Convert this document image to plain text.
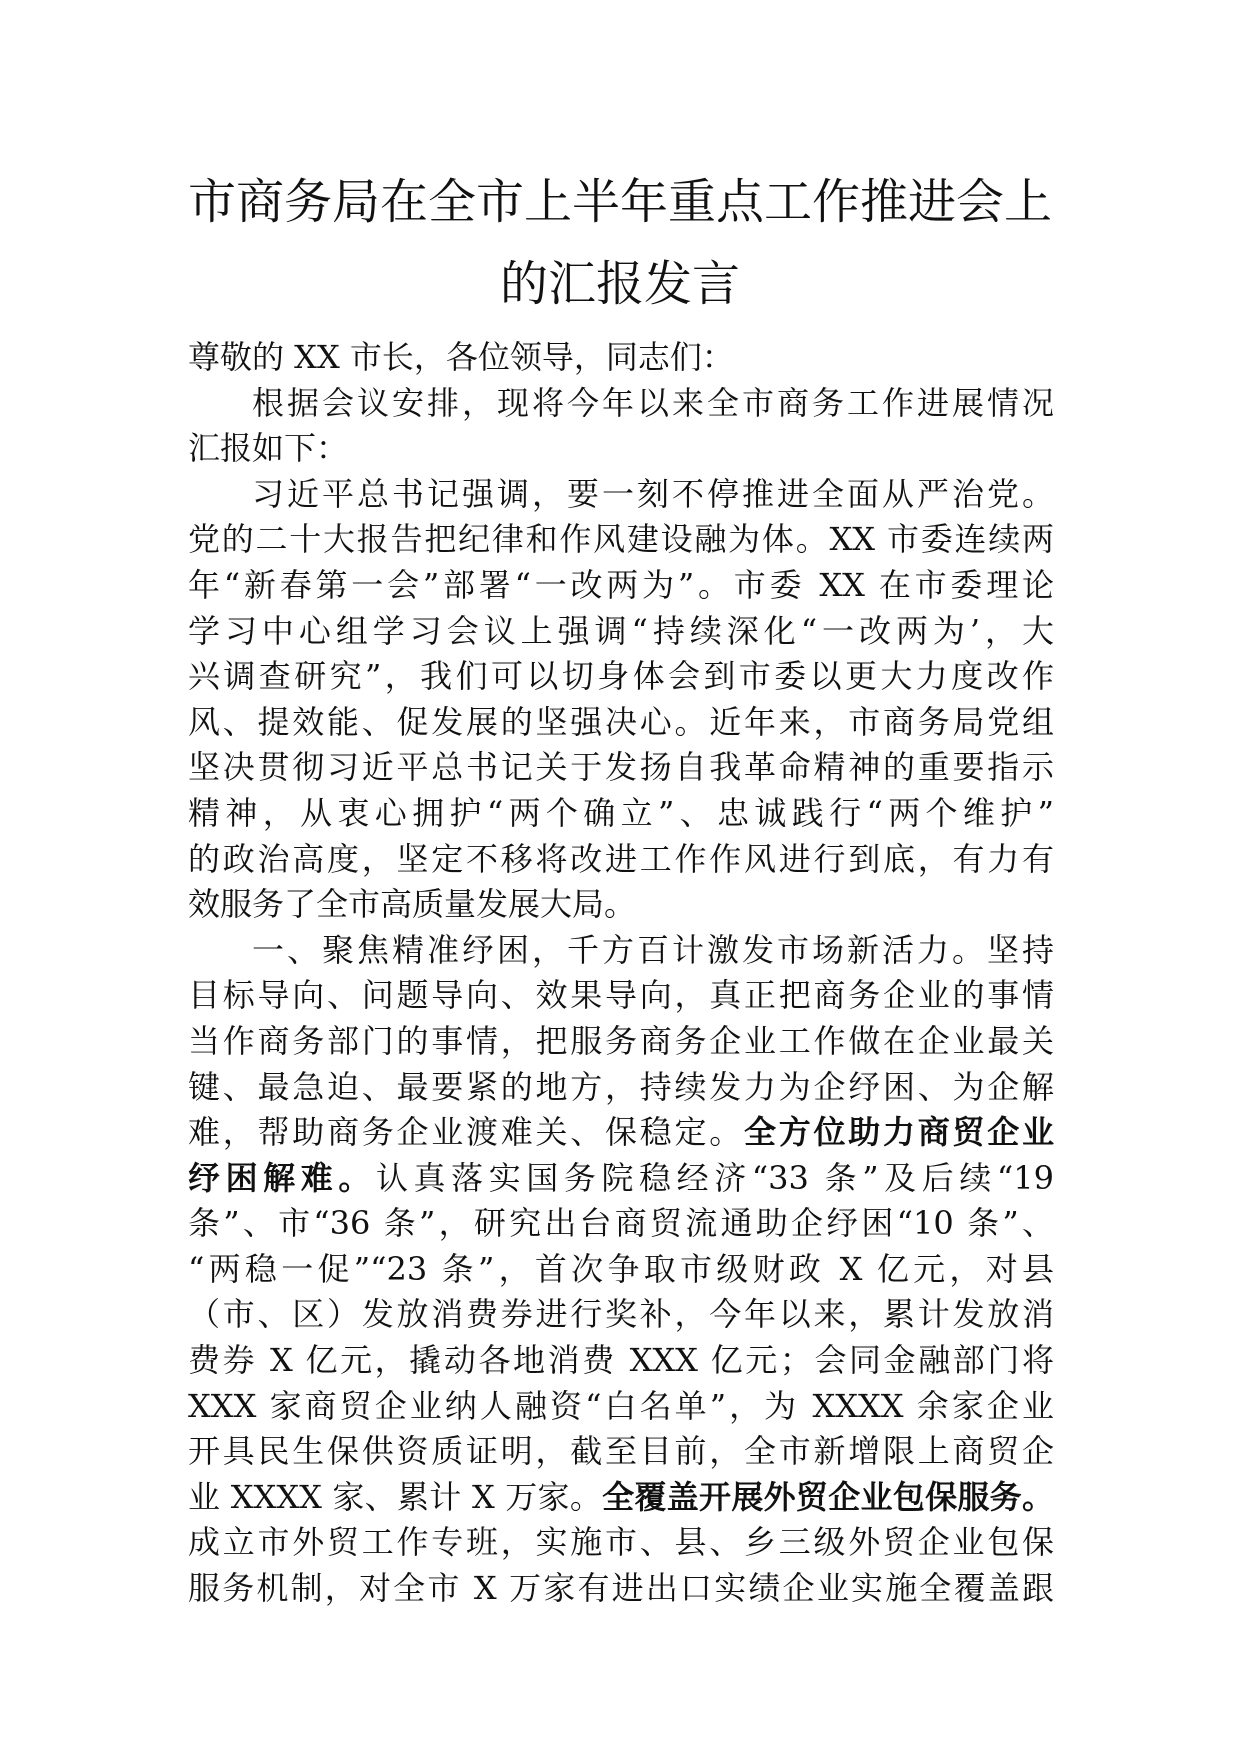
市商务局在全市上半年重点工作推进会上
的汇报发言
尊敬的 XX 市长，各位领导，同志们：
根据会议安排，现将今年以来全市商务工作进展情况
汇报如下：
习近平总书记强调，要一刻不停推进全面从严治党。
党的二十大报告把纪律和作风建设融为体。XX 市委连续两
年“新春第一会”部署“一改两为”。市委 XX 在市委理论
学习中心组学习会议上强调“持续深化“一改两为’，大
兴调查研究”，我们可以切身体会到市委以更大力度改作
风、提效能、促发展的坚强决心。近年来，市商务局党组
坚决贯彻习近平总书记关于发扬自我革命精神的重要指示
精神，从衷心拥护“两个确立”、忠诚践行“两个维护”
的政治高度，坚定不移将改进工作作风进行到底，有力有
效服务了全市高质量发展大局。
一、聚焦精准纾困，千方百计激发市场新活力。坚持
目标导向、问题导向、效果导向，真正把商务企业的事情
当作商务部门的事情，把服务商务企业工作做在企业最关
键、最急迫、最要紧的地方，持续发力为企纾困、为企解
难，帮助商务企业渡难关、保稳定。全方位助力商贸企业
纾困解难。认真落实国务院稳经济“33 条”及后续“19
条”、市“36 条”，研究出台商贸流通助企纾困“10 条”、
“两稳一促”“23 条”，首次争取市级财政 X 亿元，对县
（市、区）发放消费券进行奖补，今年以来，累计发放消
费券 X 亿元，撬动各地消费 XXX 亿元；会同金融部门将
XXX 家商贸企业纳人融资“白名单”，为 XXXX 余家企业
开具民生保供资质证明，截至目前，全市新增限上商贸企
业 XXXX 家、累计 X 万家。全覆盖开展外贸企业包保服务。
成立市外贸工作专班，实施市、县、乡三级外贸企业包保
服务机制，对全市 X 万家有进出口实绩企业实施全覆盖跟
